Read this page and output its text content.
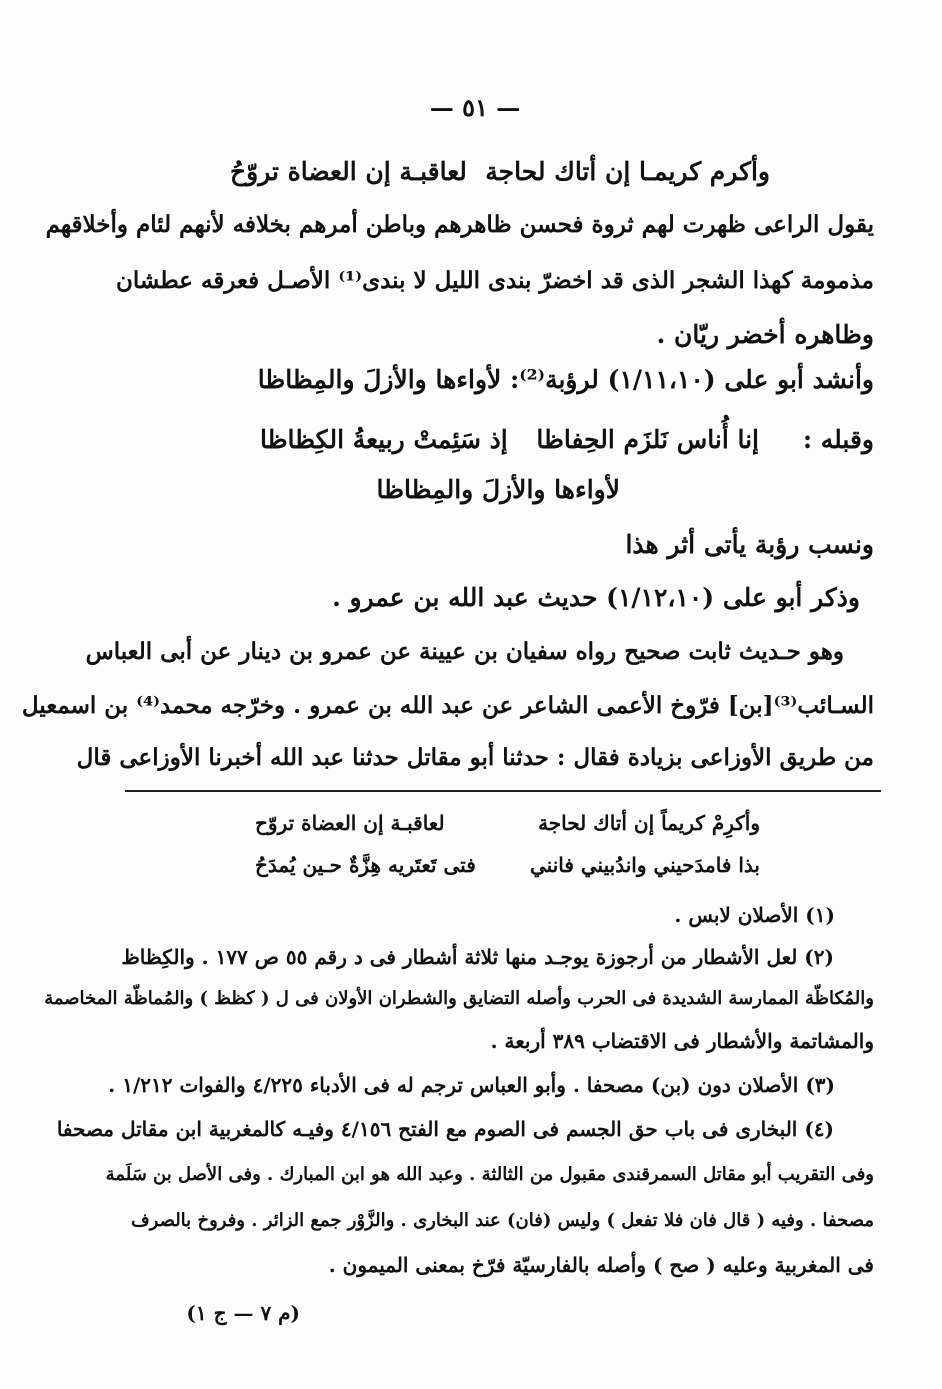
— ٥١ —
وأكرم كريمـا إن أتاك لحاجة
لعاقبـة إن العضاة تروّحُ
يقول الراعى ظهرت لهم ثروة فحسن ظاهرهم وباطن أمرهم بخلافه لأنهم لئام وأخلاقهم
مذمومة كهذا الشجر الذى قد اخضرّ بندى الليل لا بندى⁽¹⁾ الأصـل فعرقه عطشان
وظاهره أخضر ريّان .
وأنشد أبو على (١/١١،١٠) لرؤبة⁽²⁾: لأواءها والأزلَ والمِظاظا
وقبله :
إنا أُناس نَلزَم الحِفاظا
إذ سَئِمتْ ربيعةُ الكِظاظا
لأواءها والأزلَ والمِظاظا
ونسب رؤبة يأتى أثر هذا
وذكر أبو على (١/١٢،١٠) حديث عبد الله بن عمرو .
وهو حـديث ثابت صحيح رواه سفيان بن عيينة عن عمرو بن دينار عن أبى العباس
السـائب⁽³⁾[بن] فرّوخ الأعمى الشاعر عن عبد الله بن عمرو . وخرّجه محمد⁽⁴⁾ بن اسمعيل
من طريق الأوزاعى بزيادة فقال : حدثنا أبو مقاتل حدثنا عبد الله أخبرنا الأوزاعى قال
وأكرِمْ كريماً إن أتاك لحاجة
لعاقبـة إن العضاة تروّح
بذا فامدَحيني واندُبيني فانني
فتى تَعتَريه هِزَّةٌ حـين يُمدَحُ
(١) الأصلان لابس .
(٢) لعل الأشطار من أرجوزة يوجـد منها ثلاثة أشطار فى د رقم ٥٥ ص ١٧٧ . والكِظاظ
والمُكاظّة الممارسة الشديدة فى الحرب وأصله التضايق والشطران الأولان فى ل ( كظظ ) والمُماظّة المخاصمة
والمشاتمة والأشطار فى الاقتضاب ٣٨٩ أربعة .
(٣) الأصلان دون (بن) مصحفا . وأبو العباس ترجم له فى الأدباء ٤/٢٢٥ والفوات ١/٢١٢ .
(٤) البخارى فى باب حق الجسم فى الصوم مع الفتح ٤/١٥٦ وفيـه كالمغربية ابن مقاتل مصحفا
وفى التقريب أبو مقاتل السمرقندى مقبول من الثالثة . وعبد الله هو ابن المبارك . وفى الأصل بن سَلَمة
مصحفا . وفيه ( قال فان فلا تفعل ) وليس (فان) عند البخارى . والزَّوْر جمع الزائر . وفروخ بالصرف
فى المغربية وعليه ( صح ) وأصله بالفارسيّة فرّخ بمعنى الميمون .
(م ٧ — ج ١)
